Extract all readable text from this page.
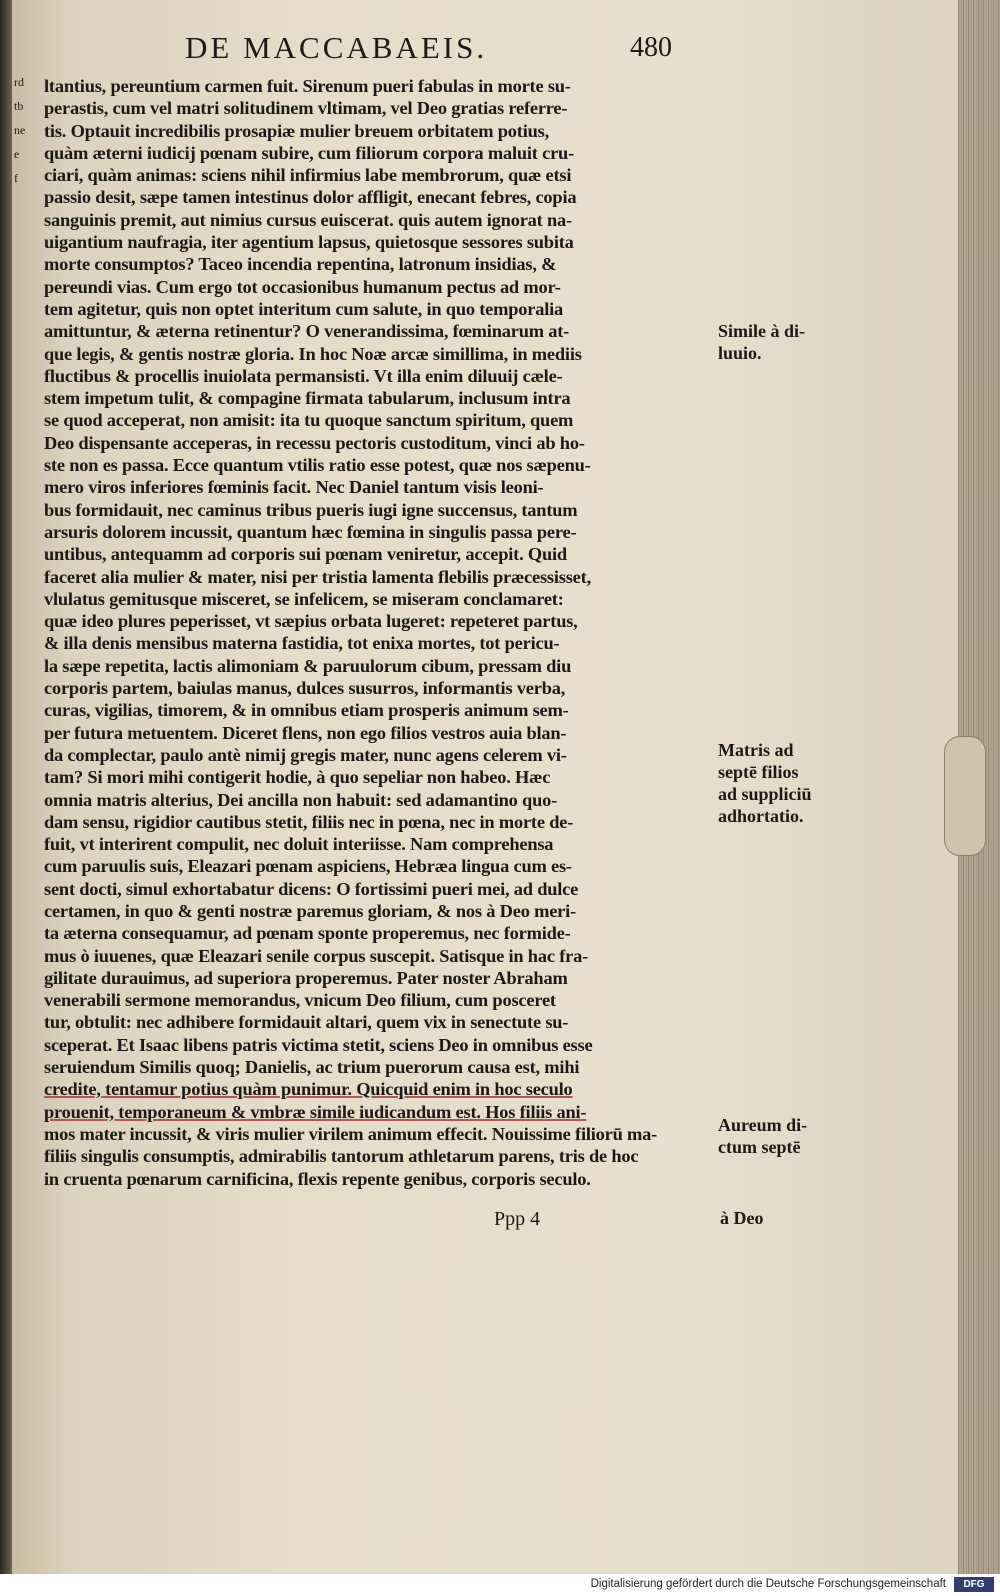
rdtb ne e f
DE MACCABAEIS.	480
ltantius, pereuntium carmen fuit. Sirenum pueri fabulas in morte su-
perastis, cum vel matri solitudinem vltimam, vel Deo gratias referre-
tis. Optauit incredibilis prosapiæ mulier breuem orbitatem potius,
quàm æterni iudicij pœnam subire, cum filiorum corpora maluit cru-
ciari, quàm animas: sciens nihil infirmius labe membrorum, quæ etsi
passio desit, sæpe tamen intestinus dolor affligit, enecant febres, copia
sanguinis premit, aut nimius cursus euiscerat. quis autem ignorat na-
uigantium naufragia, iter agentium lapsus, quietosque sessores subita
morte consumptos? Taceo incendia repentina, latronum insidias, &
pereundi vias. Cum ergo tot occasionibus humanum pectus ad mor-
tem agitetur, quis non optet interitum cum salute, in quo temporalia
amittuntur, & æterna retinentur? O venerandissima, fœminarum at-
que legis, & gentis nostræ gloria. In hoc Noæ arcæ simillima, in mediis
fluctibus & procellis inuiolata permansisti. Vt illa enim diluuij cæle-
stem impetum tulit, & compagine firmata tabularum, inclusum intra
se quod acceperat, non amisit: ita tu quoque sanctum spiritum, quem
Deo dispensante acceperas, in recessu pectoris custoditum, vinci ab ho-
ste non es passa. Ecce quantum vtilis ratio esse potest, quæ nos sæpenu-
mero viros inferiores fœminis facit. Nec Daniel tantum visis leoni-
bus formidauit, nec caminus tribus pueris iugi igne succensus, tantum
arsuris dolorem incussit, quantum hæc fœmina in singulis passa pere-
untibus, antequamm ad corporis sui pœnam veniretur, accepit. Quid
faceret alia mulier & mater, nisi per tristia lamenta flebilis præcessisset,
vlulatus gemitusque misceret, se infelicem, se miseram conclamaret:
quæ ideo plures peperisset, vt sæpius orbata lugeret: repeteret partus,
& illa denis mensibus materna fastidia, tot enixa mortes, tot pericu-
la sæpe repetita, lactis alimoniam & paruulorum cibum, pressam diu
corporis partem, baiulas manus, dulces susurros, informantis verba,
curas, vigilias, timorem, & in omnibus etiam prosperis animum sem-
per futura metuentem. Diceret flens, non ego filios vestros auia blan-
da complectar, paulo antè nimij gregis mater, nunc agens celerem vi-
tam? Si mori mihi contigerit hodie, à quo sepeliar non habeo. Hæc
omnia matris alterius, Dei ancilla non habuit: sed adamantino quo-
dam sensu, rigidior cautibus stetit, filiis nec in pœna, nec in morte de-
fuit, vt interirent compulit, nec doluit interiisse. Nam comprehensa
cum paruulis suis, Eleazari pœnam aspiciens, Hebræa lingua cum es-
sent docti, simul exhortabatur dicens: O fortissimi pueri mei, ad dulce
certamen, in quo & genti nostræ paremus gloriam, & nos à Deo meri-
ta æterna consequamur, ad pœnam sponte properemus, nec formide-
mus ò iuuenes, quæ Eleazari senile corpus suscepit. Satisque in hac fra-
gilitate durauimus, ad superiora properemus. Pater noster Abraham
venerabili sermone memorandus, vnicum Deo filium, cum posceret
tur, obtulit: nec adhibere formidauit altari, quem vix in senectute su-
sceperat. Et Isaac libens patris victima stetit, sciens Deo in omnibus esse
seruiendum Similis quoq; Danielis, ac trium puerorum causa est, mihi
credite, tentamur potius quàm punimur. Quicquid enim in hoc seculo
prouenit, temporaneum & vmbræ simile iudicandum est. Hos filiis ani-
mos mater incussit, & viris mulier virilem animum effecit. Nouissime filiorū ma-
filiis singulis consumptis, admirabilis tantorum athletarum parens, tris de hoc
in cruenta pœnarum carnificina, flexis repente genibus, corporis seculo.
Simile à di-
luuio.
Matris ad
septē filios
ad suppliciū
adhortatio.
Aureum di-
ctum septē
Ppp 4	à Deo
Digitalisierung gefördert durch die Deutsche Forschungsgemeinschaft	DFG
